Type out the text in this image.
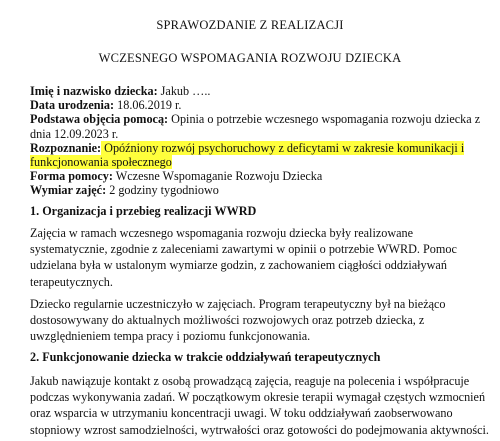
SPRAWOZDANIE Z REALIZACJI
WCZESNEGO WSPOMAGANIA ROZWOJU DZIECKA
Imię i nazwisko dziecka: Jakub …..
Data urodzenia: 18.06.2019 r.
Podstawa objęcia pomocą: Opinia o potrzebie wczesnego wspomagania rozwoju dziecka z
dnia 12.09.2023 r.
Rozpoznanie: Opóźniony rozwój psychoruchowy z deficytami w zakresie komunikacji i
funkcjonowania społecznego
Forma pomocy: Wczesne Wspomaganie Rozwoju Dziecka
Wymiar zajęć: 2 godziny tygodniowo
1. Organizacja i przebieg realizacji WWRD
Zajęcia w ramach wczesnego wspomagania rozwoju dziecka były realizowane
systematycznie, zgodnie z zaleceniami zawartymi w opinii o potrzebie WWRD. Pomoc
udzielana była w ustalonym wymiarze godzin, z zachowaniem ciągłości oddziaływań
terapeutycznych.
Dziecko regularnie uczestniczyło w zajęciach. Program terapeutyczny był na bieżąco
dostosowywany do aktualnych możliwości rozwojowych oraz potrzeb dziecka, z
uwzględnieniem tempa pracy i poziomu funkcjonowania.
2. Funkcjonowanie dziecka w trakcie oddziaływań terapeutycznych
Jakub nawiązuje kontakt z osobą prowadzącą zajęcia, reaguje na polecenia i współpracuje
podczas wykonywania zadań. W początkowym okresie terapii wymagał częstych wzmocnień
oraz wsparcia w utrzymaniu koncentracji uwagi. W toku oddziaływań zaobserwowano
stopniowy wzrost samodzielności, wytrwałości oraz gotowości do podejmowania aktywności.
